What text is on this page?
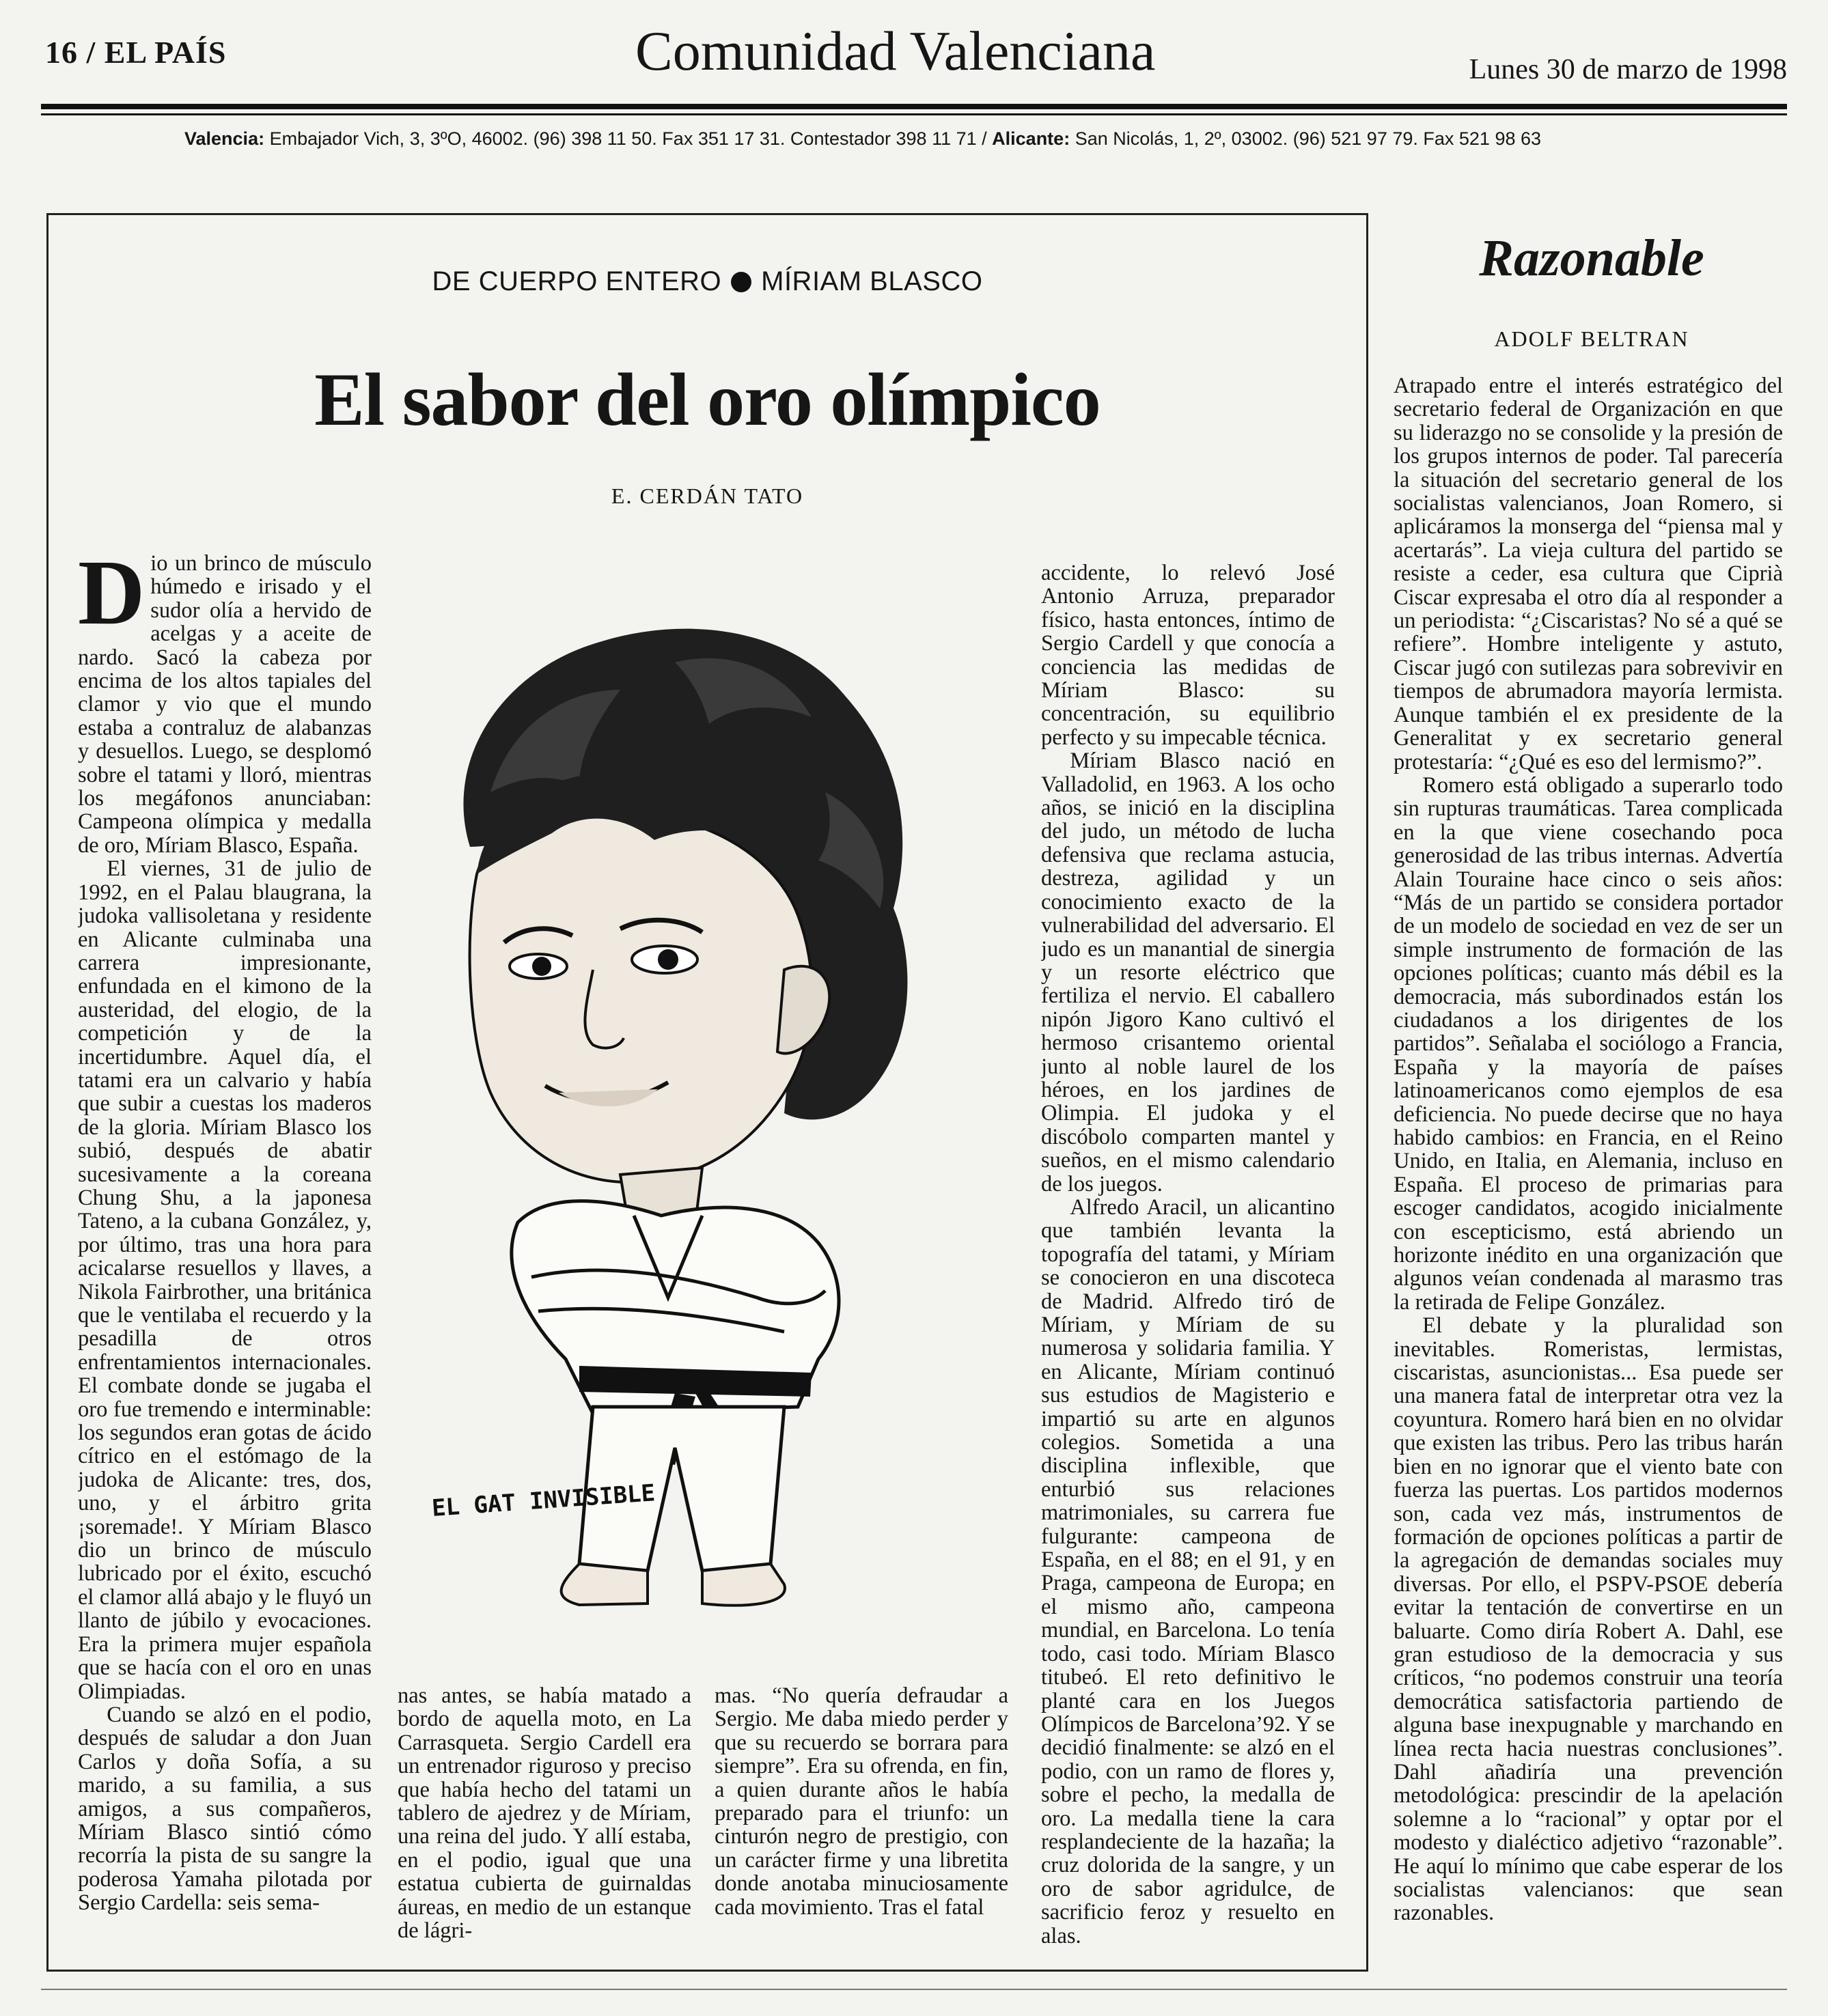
16 / EL PAÍS	Comunidad Valenciana	Lunes 30 de marzo de 1998
Valencia: Embajador Vich, 3, 3ºO, 46002. (96) 398 11 50. Fax 351 17 31. Contestador 398 11 71 / Alicante: San Nicolás, 1, 2º, 03002. (96) 521 97 79. Fax 521 98 63
DE CUERPO ENTERO MÍRIAM BLASCO
El sabor del oro olímpico
E. CERDÁN TATO

Dio un brinco de músculo húmedo e irisado y el sudor olía a hervido de acelgas y a aceite de nardo. Sacó la cabeza por encima de los altos tapiales del clamor y vio que el mundo estaba a contraluz de alabanzas y desuellos. Luego, se desplomó sobre el tatami y lloró, mientras los megáfonos anunciaban: Campeona olímpica y medalla de oro, Míriam Blasco, España.

El viernes, 31 de julio de 1992, en el Palau blaugrana, la judoka vallisoletana y residente en Alicante culminaba una carrera impresionante, enfundada en el kimono de la austeridad, del elogio, de la competición y de la incertidumbre. Aquel día, el tatami era un calvario y había que subir a cuestas los maderos de la gloria. Míriam Blasco los subió, después de abatir sucesivamente a la coreana Chung Shu, a la japonesa Tateno, a la cubana González, y, por último, tras una hora para acicalarse resuellos y llaves, a Nikola Fairbrother, una británica que le ventilaba el recuerdo y la pesadilla de otros enfrentamientos internacionales. El combate donde se jugaba el oro fue tremendo e interminable: los segundos eran gotas de ácido cítrico en el estómago de la judoka de Alicante: tres, dos, uno, y el árbitro grita ¡soremade!. Y Míriam Blasco dio un brinco de músculo lubricado por el éxito, escuchó el clamor allá abajo y le fluyó un llanto de júbilo y evocaciones. Era la primera mujer española que se hacía con el oro en unas Olimpiadas.

Cuando se alzó en el podio, después de saludar a don Juan Carlos y doña Sofía, a su marido, a su familia, a sus amigos, a sus compañeros, Míriam Blasco sintió cómo recorría la pista de su sangre la poderosa Yamaha pilotada por Sergio Cardella: seis sema-

EL GAT INVISIBLE

nas antes, se había matado a bordo de aquella moto, en La Carrasqueta. Sergio Cardell era un entrenador riguroso y preciso que había hecho del tatami un tablero de ajedrez y de Míriam, una reina del judo. Y allí estaba, en el podio, igual que una estatua cubierta de guirnaldas áureas, en medio de un estanque de lágri-

mas. “No quería defraudar a Sergio. Me daba miedo perder y que su recuerdo se borrara para siempre”. Era su ofrenda, en fin, a quien durante años le había preparado para el triunfo: un cinturón negro de prestigio, con un carácter firme y una libretita donde anotaba minuciosamente cada movimiento. Tras el fatal

accidente, lo relevó José Antonio Arruza, preparador físico, hasta entonces, íntimo de Sergio Cardell y que conocía a conciencia las medidas de Míriam Blasco: su concentración, su equilibrio perfecto y su impecable técnica.

Míriam Blasco nació en Valladolid, en 1963. A los ocho años, se inició en la disciplina del judo, un método de lucha defensiva que reclama astucia, destreza, agilidad y un conocimiento exacto de la vulnerabilidad del adversario. El judo es un manantial de sinergia y un resorte eléctrico que fertiliza el nervio. El caballero nipón Jigoro Kano cultivó el hermoso crisantemo oriental junto al noble laurel de los héroes, en los jardines de Olimpia. El judoka y el discóbolo comparten mantel y sueños, en el mismo calendario de los juegos.

Alfredo Aracil, un alicantino que también levanta la topografía del tatami, y Míriam se conocieron en una discoteca de Madrid. Alfredo tiró de Míriam, y Míriam de su numerosa y solidaria familia. Y en Alicante, Míriam continuó sus estudios de Magisterio e impartió su arte en algunos colegios. Sometida a una disciplina inflexible, que enturbió sus relaciones matrimoniales, su carrera fue fulgurante: campeona de España, en el 88; en el 91, y en Praga, campeona de Europa; en el mismo año, campeona mundial, en Barcelona. Lo tenía todo, casi todo. Míriam Blasco titubeó. El reto definitivo le planté cara en los Juegos Olímpicos de Barcelona’92. Y se decidió finalmente: se alzó en el podio, con un ramo de flores y, sobre el pecho, la medalla de oro. La medalla tiene la cara resplandeciente de la hazaña; la cruz dolorida de la sangre, y un oro de sabor agridulce, de sacrificio feroz y resuelto en alas.

Razonable
ADOLF BELTRAN

Atrapado entre el interés estratégico del secretario federal de Organización en que su liderazgo no se consolide y la presión de los grupos internos de poder. Tal parecería la situación del secretario general de los socialistas valencianos, Joan Romero, si aplicáramos la monserga del “piensa mal y acertarás”. La vieja cultura del partido se resiste a ceder, esa cultura que Ciprià Ciscar expresaba el otro día al responder a un periodista: “¿Ciscaristas? No sé a qué se refiere”. Hombre inteligente y astuto, Ciscar jugó con sutilezas para sobrevivir en tiempos de abrumadora mayoría lermista. Aunque también el ex presidente de la Generalitat y ex secretario general protestaría: “¿Qué es eso del lermismo?”.

Romero está obligado a superarlo todo sin rupturas traumáticas. Tarea complicada en la que viene cosechando poca generosidad de las tribus internas. Advertía Alain Touraine hace cinco o seis años: “Más de un partido se considera portador de un modelo de sociedad en vez de ser un simple instrumento de formación de las opciones políticas; cuanto más débil es la democracia, más subordinados están los ciudadanos a los dirigentes de los partidos”. Señalaba el sociólogo a Francia, España y la mayoría de países latinoamericanos como ejemplos de esa deficiencia. No puede decirse que no haya habido cambios: en Francia, en el Reino Unido, en Italia, en Alemania, incluso en España. El proceso de primarias para escoger candidatos, acogido inicialmente con escepticismo, está abriendo un horizonte inédito en una organización que algunos veían condenada al marasmo tras la retirada de Felipe González.

El debate y la pluralidad son inevitables. Romeristas, lermistas, ciscaristas, asuncionistas... Esa puede ser una manera fatal de interpretar otra vez la coyuntura. Romero hará bien en no olvidar que existen las tribus. Pero las tribus harán bien en no ignorar que el viento bate con fuerza las puertas. Los partidos modernos son, cada vez más, instrumentos de formación de opciones políticas a partir de la agregación de demandas sociales muy diversas. Por ello, el PSPV-PSOE debería evitar la tentación de convertirse en un baluarte. Como diría Robert A. Dahl, ese gran estudioso de la democracia y sus críticos, “no podemos construir una teoría democrática satisfactoria partiendo de alguna base inexpugnable y marchando en línea recta hacia nuestras conclusiones”. Dahl añadiría una prevención metodológica: prescindir de la apelación solemne a lo “racional” y optar por el modesto y dialéctico adjetivo “razonable”. He aquí lo mínimo que cabe esperar de los socialistas valencianos: que sean razonables.
